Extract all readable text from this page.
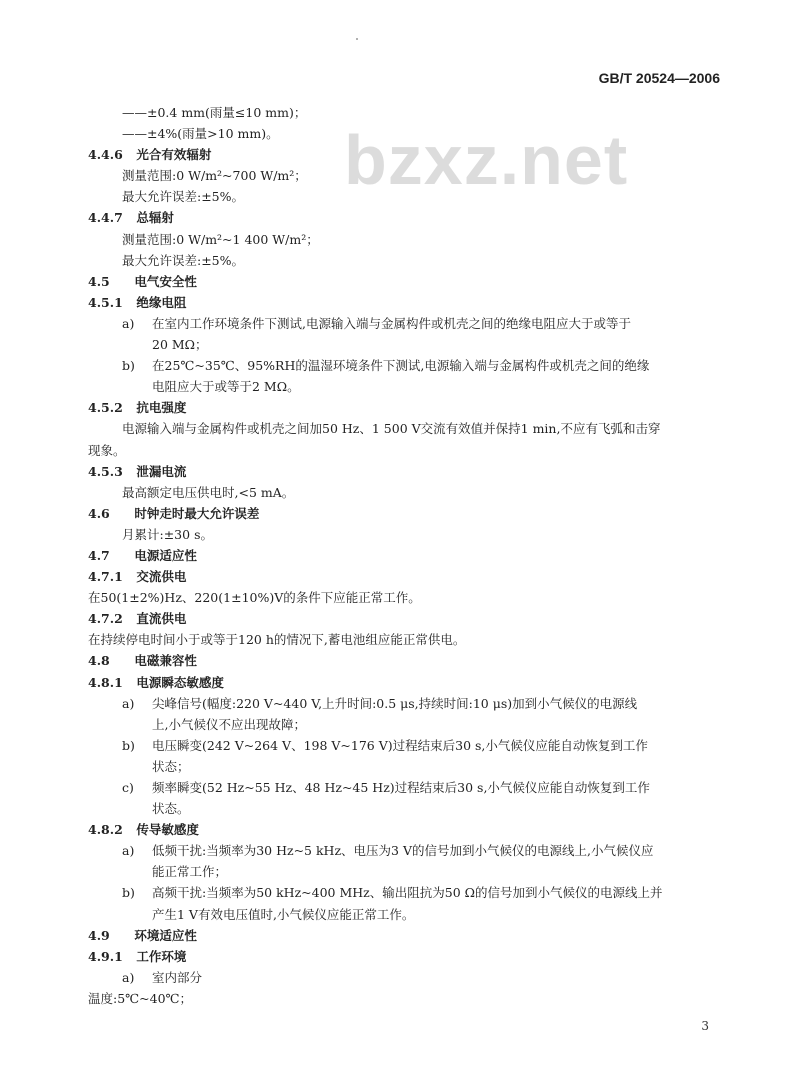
GB/T 20524—2006
bzxz.net
——±0.4 mm(雨量≤10 mm)；
——±4%(雨量>10 mm)。
4.4.6 光合有效辐射
测量范围:0 W/m²~700 W/m²；
最大允许误差:±5%。
4.4.7 总辐射
测量范围:0 W/m²~1 400 W/m²；
最大允许误差:±5%。
4.5 电气安全性
4.5.1 绝缘电阻
a)	在室内工作环境条件下测试,电源输入端与金属构件或机壳之间的绝缘电阻应大于或等于
20 MΩ；
b)	在25℃~35℃、95%RH的温湿环境条件下测试,电源输入端与金属构件或机壳之间的绝缘
电阻应大于或等于2 MΩ。
4.5.2 抗电强度
电源输入端与金属构件或机壳之间加50 Hz、1 500 V交流有效值并保持1 min,不应有飞弧和击穿
现象。
4.5.3 泄漏电流
最高额定电压供电时,<5 mA。
4.6 时钟走时最大允许误差
月累计:±30 s。
4.7 电源适应性
4.7.1 交流供电
在50(1±2%)Hz、220(1±10%)V的条件下应能正常工作。
4.7.2 直流供电
在持续停电时间小于或等于120 h的情况下,蓄电池组应能正常供电。
4.8 电磁兼容性
4.8.1 电源瞬态敏感度
a)	尖峰信号(幅度:220 V~440 V,上升时间:0.5 μs,持续时间:10 μs)加到小气候仪的电源线
上,小气候仪不应出现故障；
b)	电压瞬变(242 V~264 V、198 V~176 V)过程结束后30 s,小气候仪应能自动恢复到工作
状态；
c)	频率瞬变(52 Hz~55 Hz、48 Hz~45 Hz)过程结束后30 s,小气候仪应能自动恢复到工作
状态。
4.8.2 传导敏感度
a)	低频干扰:当频率为30 Hz~5 kHz、电压为3 V的信号加到小气候仪的电源线上,小气候仪应
能正常工作；
b)	高频干扰:当频率为50 kHz~400 MHz、输出阻抗为50 Ω的信号加到小气候仪的电源线上并
产生1 V有效电压值时,小气候仪应能正常工作。
4.9 环境适应性
4.9.1 工作环境
a)	室内部分
温度:5℃~40℃；
3
